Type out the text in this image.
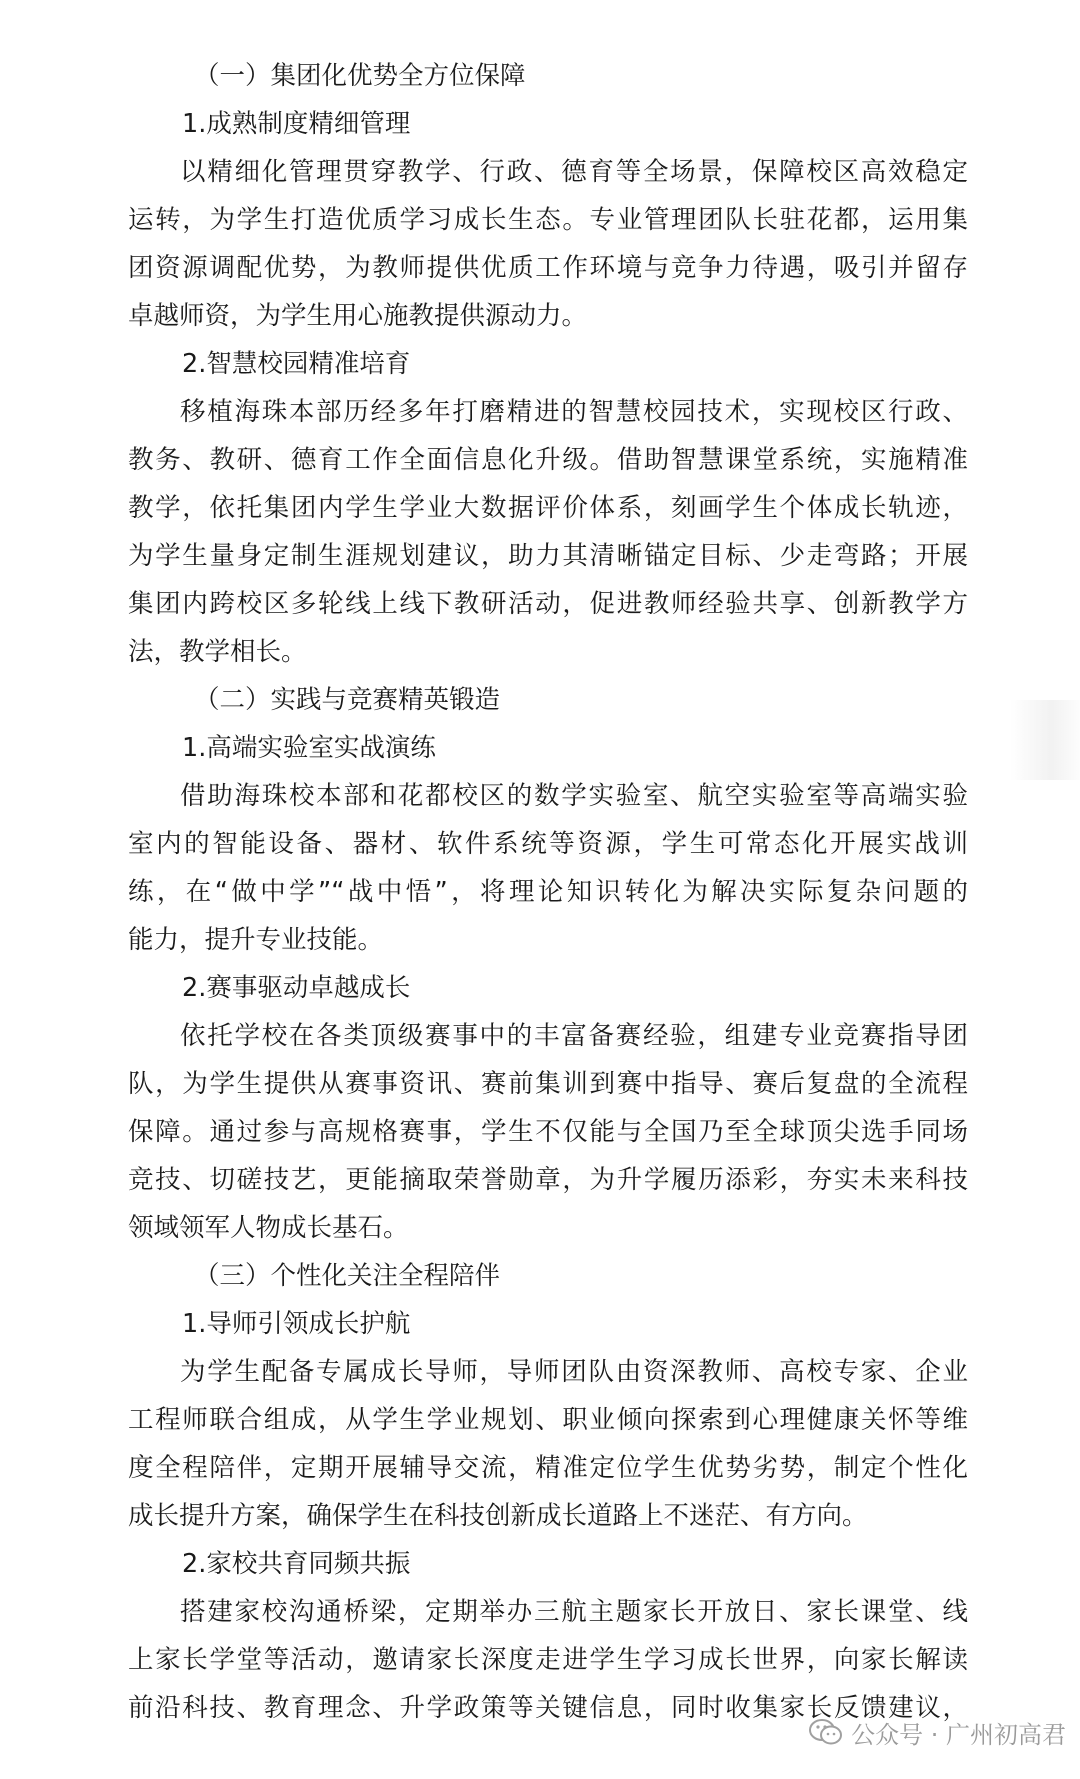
（一）集团化优势全方位保障
1.成熟制度精细管理
以精细化管理贯穿教学、行政、德育等全场景，保障校区高效稳定
运转，为学生打造优质学习成长生态。专业管理团队长驻花都，运用集
团资源调配优势，为教师提供优质工作环境与竞争力待遇，吸引并留存
卓越师资，为学生用心施教提供源动力。
2.智慧校园精准培育
移植海珠本部历经多年打磨精进的智慧校园技术，实现校区行政、
教务、教研、德育工作全面信息化升级。借助智慧课堂系统，实施精准
教学，依托集团内学生学业大数据评价体系，刻画学生个体成长轨迹，
为学生量身定制生涯规划建议，助力其清晰锚定目标、少走弯路；开展
集团内跨校区多轮线上线下教研活动，促进教师经验共享、创新教学方
法，教学相长。
（二）实践与竞赛精英锻造
1.高端实验室实战演练
借助海珠校本部和花都校区的数学实验室、航空实验室等高端实验
室内的智能设备、器材、软件系统等资源，学生可常态化开展实战训
练，在“做中学”“战中悟”，将理论知识转化为解决实际复杂问题的
能力，提升专业技能。
2.赛事驱动卓越成长
依托学校在各类顶级赛事中的丰富备赛经验，组建专业竞赛指导团
队，为学生提供从赛事资讯、赛前集训到赛中指导、赛后复盘的全流程
保障。通过参与高规格赛事，学生不仅能与全国乃至全球顶尖选手同场
竞技、切磋技艺，更能摘取荣誉勋章，为升学履历添彩，夯实未来科技
领域领军人物成长基石。
（三）个性化关注全程陪伴
1.导师引领成长护航
为学生配备专属成长导师，导师团队由资深教师、高校专家、企业
工程师联合组成，从学生学业规划、职业倾向探索到心理健康关怀等维
度全程陪伴，定期开展辅导交流，精准定位学生优势劣势，制定个性化
成长提升方案，确保学生在科技创新成长道路上不迷茫、有方向。
2.家校共育同频共振
搭建家校沟通桥梁，定期举办三航主题家长开放日、家长课堂、线
上家长学堂等活动，邀请家长深度走进学生学习成长世界，向家长解读
前沿科技、教育理念、升学政策等关键信息，同时收集家长反馈建议，
公众号 · 广州初高君
